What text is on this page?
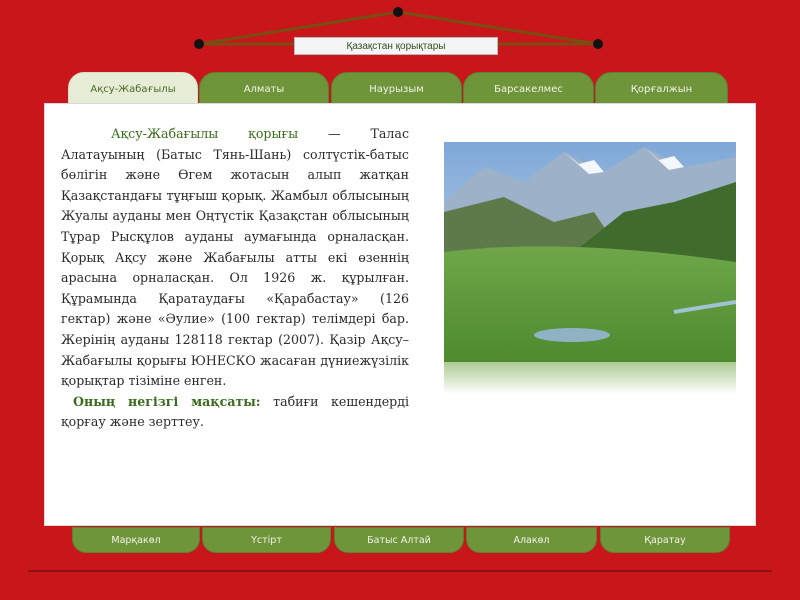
Қазақстан қорықтары
Ақсу-Жабағылы	Алматы	Наурызым	Барсакелмес	Қорғалжын

Ақсу-Жабағылы қорығы — Талас Алатауының (Батыс Тянь-Шань) солтүстік-батыс бөлігін және Өгем жотасын алып жатқан Қазақстандағы тұңғыш қорық. Жамбыл облысының Жуалы ауданы мен Оңтүстік Қазақстан облысының Тұрар Рысқұлов ауданы аумағында орналасқан. Қорық Ақсу және Жабағылы атты екі өзеннің арасына орналасқан. Ол 1926 ж. құрылған. Құрамында Қаратаудағы «Қарабастау» (126 гектар) және «Әулие» (100 гектар) телімдері бар. Жерінің ауданы 128118 гектар (2007). Қазір Ақсу–Жабағылы қорығы ЮНЕСКО жасаған дүниежүзілік қорықтар тізіміне енген.

Оның негізгі мақсаты: табиғи кешендерді қорғау және зерттеу.

Марқакөл	Үстірт	Батыс Алтай	Алакөл	Қаратау
